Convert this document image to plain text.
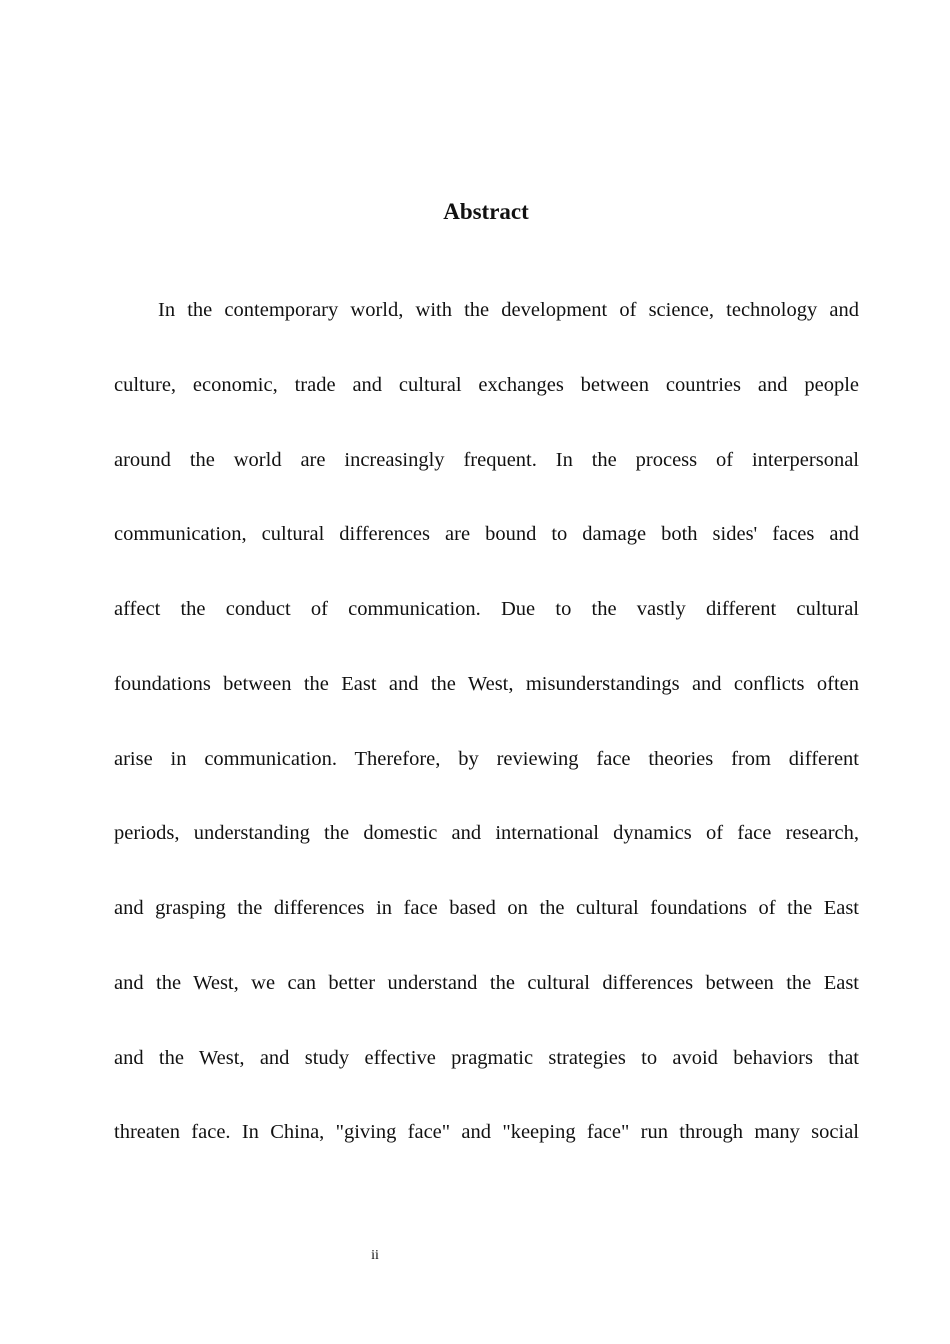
Abstract
In the contemporary world, with the development of science, technology and
culture, economic, trade and cultural exchanges between countries and people
around the world are increasingly frequent. In the process of interpersonal
communication, cultural differences are bound to damage both sides' faces and
affect the conduct of communication. Due to the vastly different cultural
foundations between the East and the West, misunderstandings and conflicts often
arise in communication. Therefore, by reviewing face theories from different
periods, understanding the domestic and international dynamics of face research,
and grasping the differences in face based on the cultural foundations of the East
and the West, we can better understand the cultural differences between the East
and the West, and study effective pragmatic strategies to avoid behaviors that
threaten face. In China, "giving face" and "keeping face" run through many social
ii
